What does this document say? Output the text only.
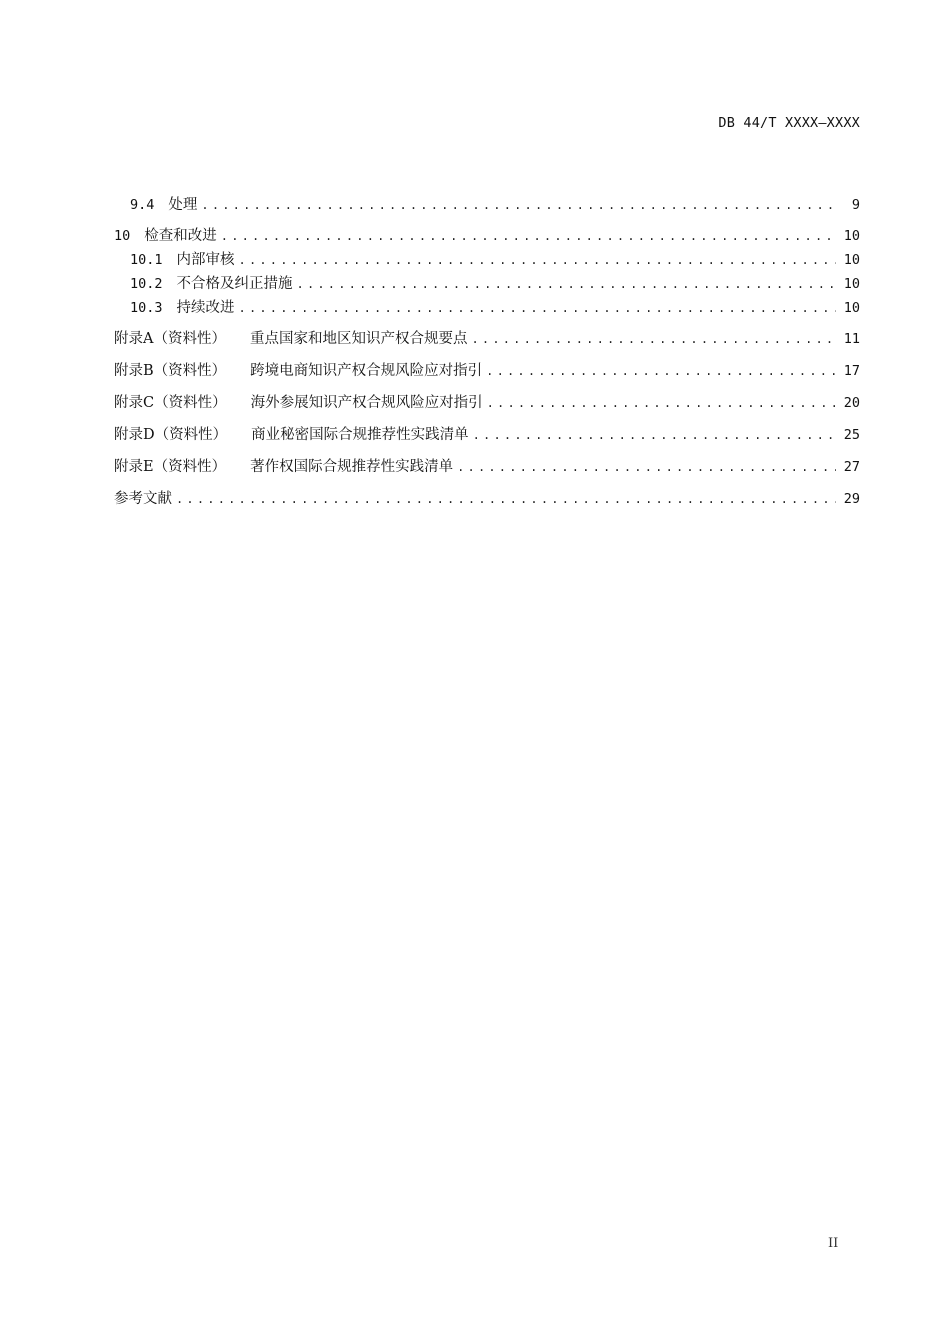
DB 44/T XXXX—XXXX
9.4 处理 .....	9
10 检查和改进 .....	10
10.1 内部审核 .....	10
10.2 不合格及纠正措施 .....	10
10.3 持续改进 .....	10
附录A（资料性） 重点国家和地区知识产权合规要点 .....	11
附录B（资料性） 跨境电商知识产权合规风险应对指引 .....	17
附录C（资料性） 海外参展知识产权合规风险应对指引 .....	20
附录D（资料性） 商业秘密国际合规推荐性实践清单 .....	25
附录E（资料性） 著作权国际合规推荐性实践清单 .....	27
参考文献 .....	29
II
